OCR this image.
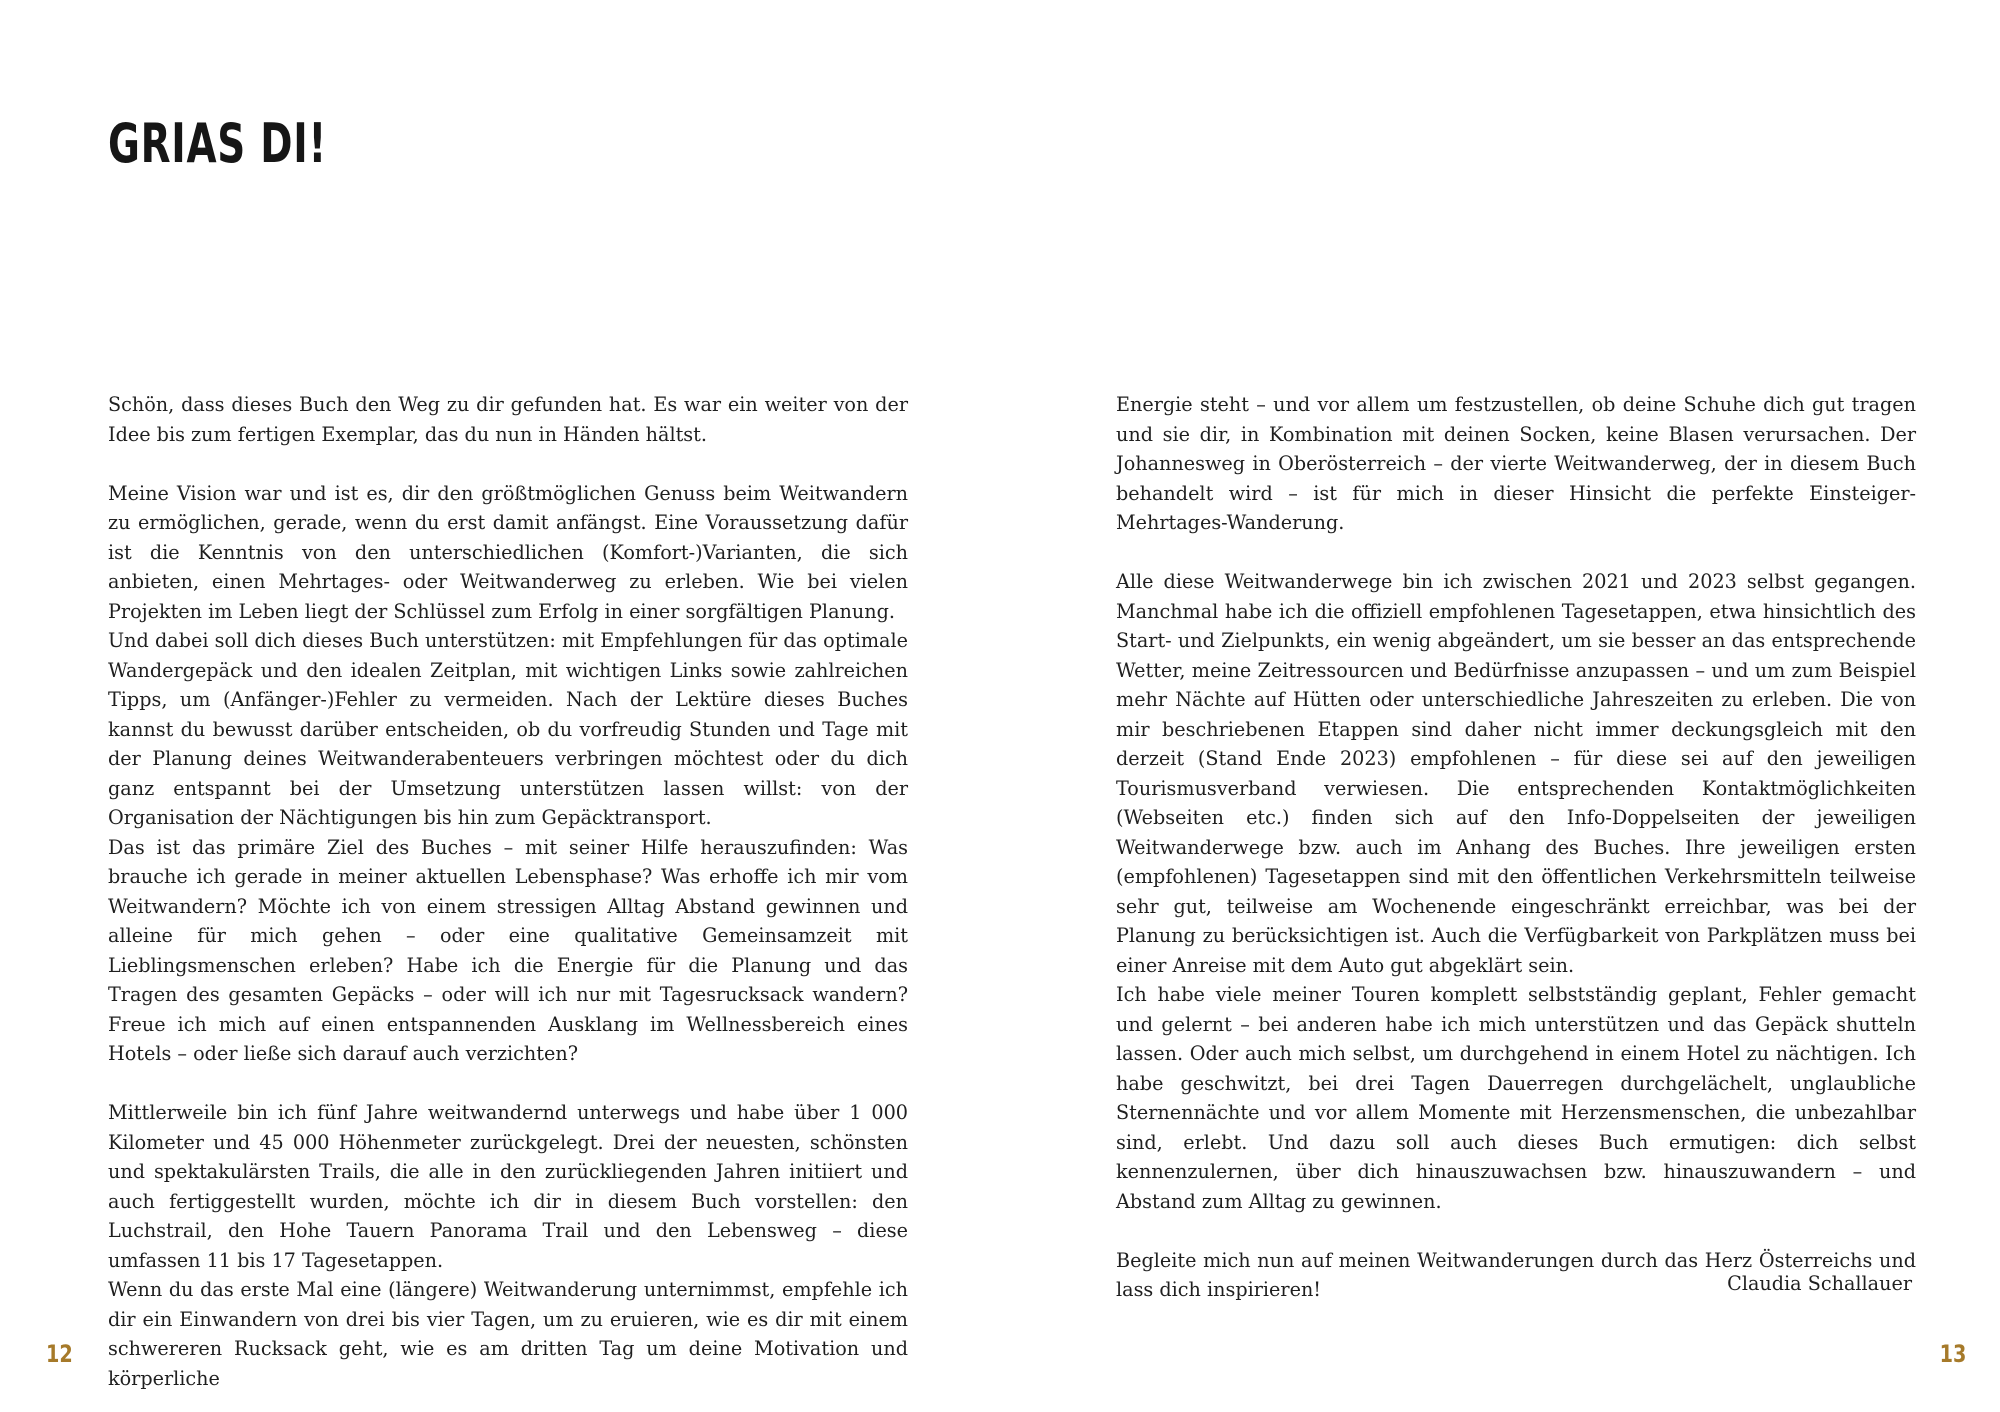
GRIAS DI!

Schön, dass dieses Buch den Weg zu dir gefunden hat. Es war ein weiter von der Idee bis zum fertigen Exemplar, das du nun in Händen hältst.

Meine Vision war und ist es, dir den größtmöglichen Genuss beim Weitwandern zu ermöglichen, gerade, wenn du erst damit anfängst. Eine Voraussetzung dafür ist die Kenntnis von den unterschiedlichen (Komfort-)Varianten, die sich anbieten, einen Mehrtages- oder Weitwanderweg zu erleben. Wie bei vielen Projekten im Leben liegt der Schlüssel zum Erfolg in einer sorgfältigen Planung.

Und dabei soll dich dieses Buch unterstützen: mit Empfehlungen für das optimale Wandergepäck und den idealen Zeitplan, mit wichtigen Links sowie zahlreichen Tipps, um (Anfänger-)Fehler zu vermeiden. Nach der Lektüre dieses Buches kannst du bewusst darüber entscheiden, ob du vorfreudig Stunden und Tage mit der Planung deines Weitwanderabenteuers verbringen möchtest oder du dich ganz entspannt bei der Umsetzung unterstützen lassen willst: von der Organisation der Nächtigungen bis hin zum Gepäcktransport.

Das ist das primäre Ziel des Buches – mit seiner Hilfe herauszufinden: Was brauche ich gerade in meiner aktuellen Lebensphase? Was erhoffe ich mir vom Weitwandern? Möchte ich von einem stressigen Alltag Abstand gewinnen und alleine für mich gehen – oder eine qualitative Gemeinsamzeit mit Lieblingsmenschen erleben? Habe ich die Energie für die Planung und das Tragen des gesamten Gepäcks – oder will ich nur mit Tagesrucksack wandern? Freue ich mich auf einen entspannenden Ausklang im Wellnessbereich eines Hotels – oder ließe sich darauf auch verzichten?

Mittlerweile bin ich fünf Jahre weitwandernd unterwegs und habe über 1 000 Kilometer und 45 000 Höhenmeter zurückgelegt. Drei der neuesten, schönsten und spektakulärsten Trails, die alle in den zurückliegenden Jahren initiiert und auch fertiggestellt wurden, möchte ich dir in diesem Buch vorstellen: den Luchstrail, den Hohe Tauern Panorama Trail und den Lebensweg – diese umfassen 11 bis 17 Tagesetappen.

Wenn du das erste Mal eine (längere) Weitwanderung unternimmst, empfehle ich dir ein Einwandern von drei bis vier Tagen, um zu eruieren, wie es dir mit einem schwereren Rucksack geht, wie es am dritten Tag um deine Motivation und körperliche

Energie steht – und vor allem um festzustellen, ob deine Schuhe dich gut tragen und sie dir, in Kombination mit deinen Socken, keine Blasen verursachen. Der Johannesweg in Oberösterreich – der vierte Weitwanderweg, der in diesem Buch behandelt wird – ist für mich in dieser Hinsicht die perfekte Einsteiger-Mehrtages-Wanderung.

Alle diese Weitwanderwege bin ich zwischen 2021 und 2023 selbst gegangen. Manchmal habe ich die offiziell empfohlenen Tagesetappen, etwa hinsichtlich des Start- und Zielpunkts, ein wenig abgeändert, um sie besser an das entsprechende Wetter, meine Zeitressourcen und Bedürfnisse anzupassen – und um zum Beispiel mehr Nächte auf Hütten oder unterschiedliche Jahreszeiten zu erleben. Die von mir beschriebenen Etappen sind daher nicht immer deckungsgleich mit den derzeit (Stand Ende 2023) empfohlenen – für diese sei auf den jeweiligen Tourismusverband verwiesen. Die entsprechenden Kontaktmöglichkeiten (Webseiten etc.) finden sich auf den Info-Doppelseiten der jeweiligen Weitwanderwege bzw. auch im Anhang des Buches. Ihre jeweiligen ersten (empfohlenen) Tagesetappen sind mit den öffentlichen Verkehrsmitteln teilweise sehr gut, teilweise am Wochenende eingeschränkt erreichbar, was bei der Planung zu berücksichtigen ist. Auch die Verfügbarkeit von Parkplätzen muss bei einer Anreise mit dem Auto gut abgeklärt sein.

Ich habe viele meiner Touren komplett selbstständig geplant, Fehler gemacht und gelernt – bei anderen habe ich mich unterstützen und das Gepäck shutteln lassen. Oder auch mich selbst, um durchgehend in einem Hotel zu nächtigen. Ich habe geschwitzt, bei drei Tagen Dauerregen durchgelächelt, unglaubliche Sternennächte und vor allem Momente mit Herzensmenschen, die unbezahlbar sind, erlebt. Und dazu soll auch dieses Buch ermutigen: dich selbst kennenzulernen, über dich hinauszuwachsen bzw. hinauszuwandern – und Abstand zum Alltag zu gewinnen.

Begleite mich nun auf meinen Weitwanderungen durch das Herz Österreichs und lass dich inspirieren!	Claudia Schallauer
12	13
